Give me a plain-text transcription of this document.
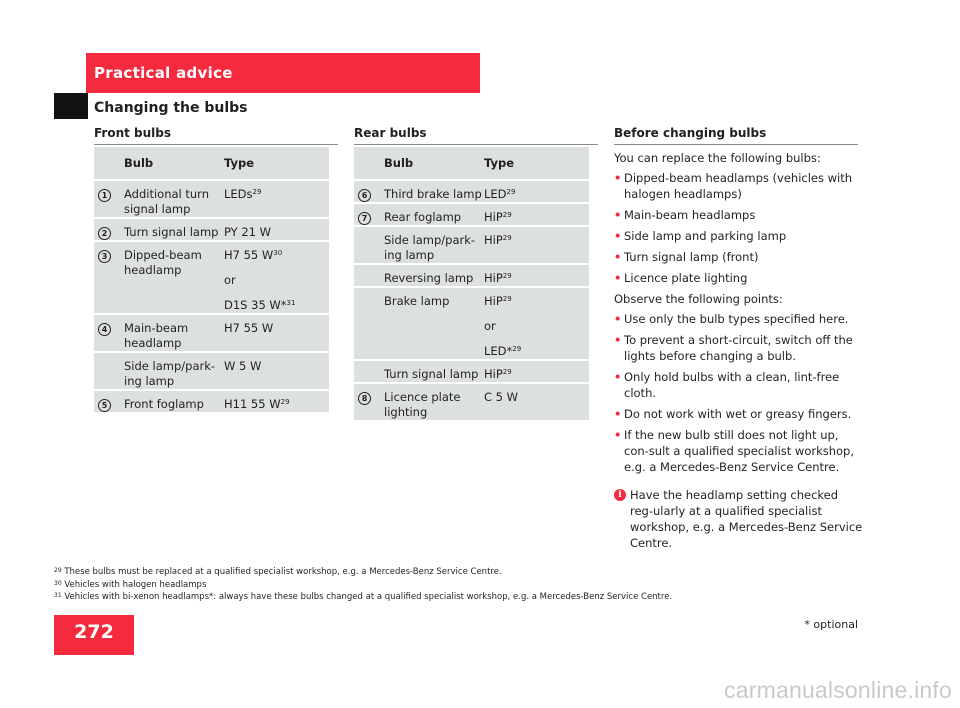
Practical advice
Changing the bulbs
Front bulbs
	Bulb	Type
1	Additional turn signal lamp	LEDs$^{29}$
2	Turn signal lamp	PY 21 W
3	Dipped-beam headlamp	H7 55 $W^{30}$
or
D1S 35 W*$^{31}$

4	Main-beam headlamp	H7 55 W
	Side lamp/park-ing lamp	W 5 W
5	Front foglamp	H11 55 $W^{29}$
Rear bulbs
	Bulb	Type
6	Third brake lamp	LED$^{29}$
7	Rear foglamp	HiP$^{29}$
	Side lamp/park-ing lamp	HiP$^{29}$
	Reversing lamp	HiP$^{29}$
	Brake lamp	HiP$^{29}$
or
LED*$^{29}$

	Turn signal lamp	HiP$^{29}$
8	Licence plate lighting	C 5 W
Before changing bulbs
You can replace the following bulbs:
• Dipped-beam headlamps (vehicles with halogen headlamps)
• Main-beam headlamps
• Side lamp and parking lamp
• Turn signal lamp (front)
• Licence plate lighting
Observe the following points:
• Use only the bulb types specified here.
• To prevent a short-circuit, switch off the lights before changing a bulb.
• Only hold bulbs with a clean, lint-free cloth.
• Do not work with wet or greasy fingers.
• If the new bulb still does not light up, con-sult a qualified specialist workshop, e.g. a Mercedes-Benz Service Centre.
i Have the headlamp setting checked reg-ularly at a qualified specialist workshop, e.g. a Mercedes-Benz Service Centre.
$^{29}$ These bulbs must be replaced at a qualified specialist workshop, e.g. a Mercedes-Benz Service Centre.
$^{30}$ Vehicles with halogen headlamps
$^{31}$ Vehicles with bi-xenon headlamps*: always have these bulbs changed at a qualified specialist workshop, e.g. a Mercedes-Benz Service Centre.
272	* optional
carmanualsonline.info
